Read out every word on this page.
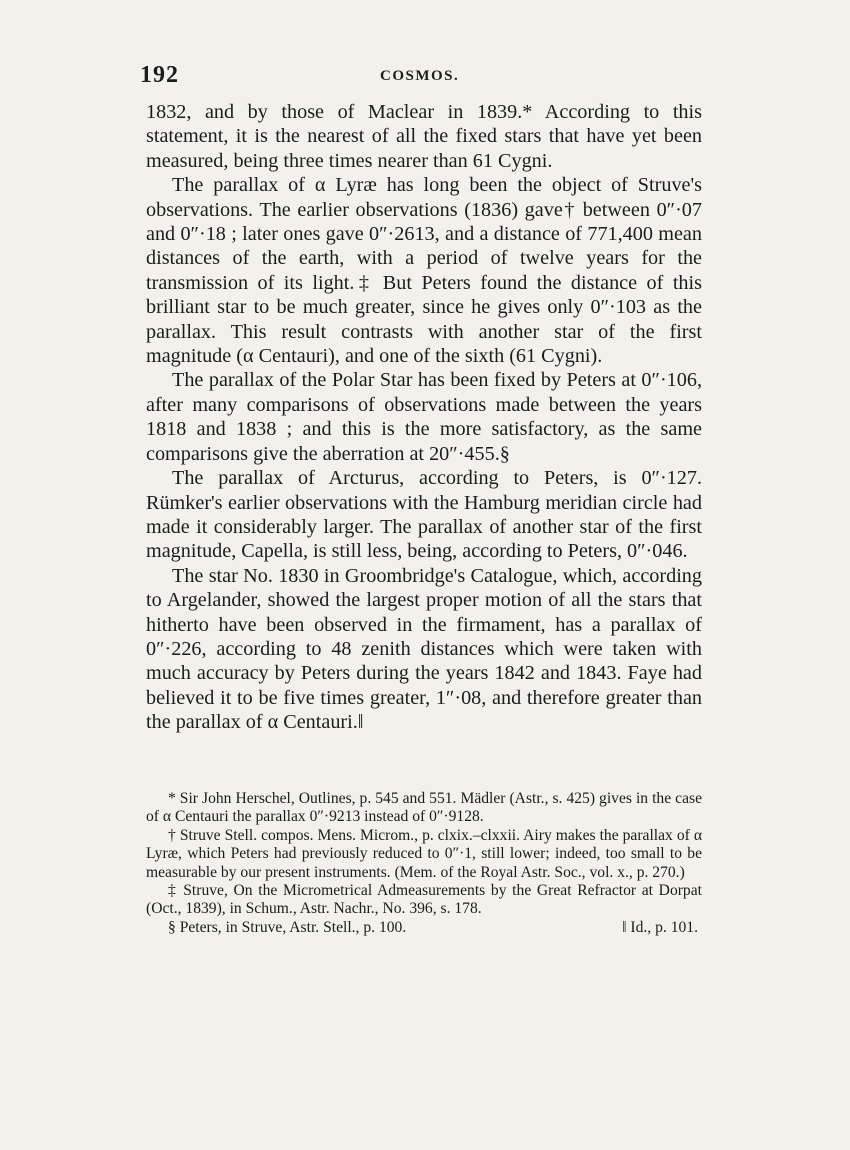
192	COSMOS.

1832, and by those of Maclear in 1839.* According to this statement, it is the nearest of all the fixed stars that have yet been measured, being three times nearer than 61 Cygni.

The parallax of α Lyræ has long been the object of Struve's observations. The earlier observations (1836) gave† between 0″·07 and 0″·18 ; later ones gave 0″·2613, and a distance of 771,400 mean distances of the earth, with a period of twelve years for the transmission of its light.‡ But Peters found the distance of this brilliant star to be much greater, since he gives only 0″·103 as the parallax. This result contrasts with another star of the first magnitude (α Centauri), and one of the sixth (61 Cygni).

The parallax of the Polar Star has been fixed by Peters at 0″·106, after many comparisons of observations made between the years 1818 and 1838 ; and this is the more satisfactory, as the same comparisons give the aberration at 20″·455.§

The parallax of Arcturus, according to Peters, is 0″·127. Rümker's earlier observations with the Hamburg meridian circle had made it considerably larger. The parallax of another star of the first magnitude, Capella, is still less, being, according to Peters, 0″·046.

The star No. 1830 in Groombridge's Catalogue, which, according to Argelander, showed the largest proper motion of all the stars that hitherto have been observed in the firmament, has a parallax of 0″·226, according to 48 zenith distances which were taken with much accuracy by Peters during the years 1842 and 1843. Faye had believed it to be five times greater, 1″·08, and therefore greater than the parallax of α Centauri.‖

* Sir John Herschel, Outlines, p. 545 and 551. Mädler (Astr., s. 425) gives in the case of α Centauri the parallax 0″·9213 instead of 0″·9128.

† Struve Stell. compos. Mens. Microm., p. clxix.–clxxii. Airy makes the parallax of α Lyræ, which Peters had previously reduced to 0″·1, still lower; indeed, too small to be measurable by our present instruments. (Mem. of the Royal Astr. Soc., vol. x., p. 270.)

‡ Struve, On the Micrometrical Admeasurements by the Great Refractor at Dorpat (Oct., 1839), in Schum., Astr. Nachr., No. 396, s. 178.

§ Peters, in Struve, Astr. Stell., p. 100.	‖ Id., p. 101.
